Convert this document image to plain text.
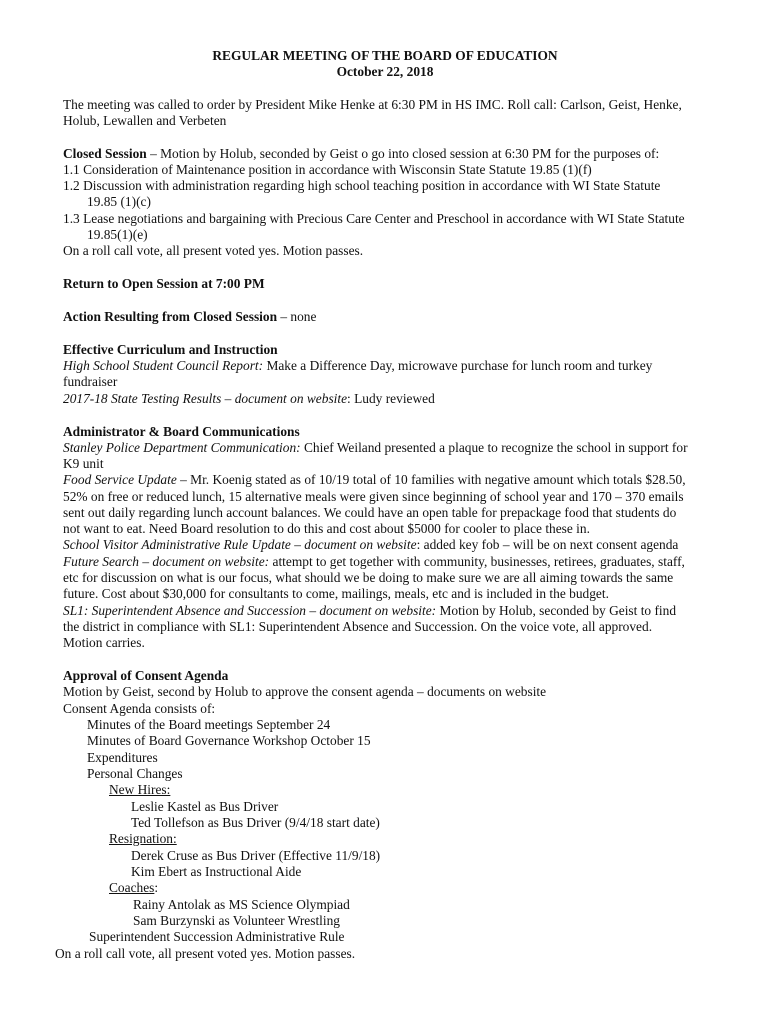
REGULAR MEETING OF THE BOARD OF EDUCATION
October 22, 2018
The meeting was called to order by President Mike Henke at 6:30 PM in HS IMC. Roll call: Carlson, Geist, Henke,
Holub, Lewallen and Verbeten
Closed Session – Motion by Holub, seconded by Geist o go into closed session at 6:30 PM for the purposes of:
1.1 Consideration of Maintenance position in accordance with Wisconsin State Statute 19.85 (1)(f)
1.2 Discussion with administration regarding high school teaching position in accordance with WI State Statute
19.85 (1)(c)
1.3 Lease negotiations and bargaining with Precious Care Center and Preschool in accordance with WI State Statute
19.85(1)(e)
On a roll call vote, all present voted yes. Motion passes.
Return to Open Session at 7:00 PM
Action Resulting from Closed Session – none
Effective Curriculum and Instruction
High School Student Council Report: Make a Difference Day, microwave purchase for lunch room and turkey
fundraiser
2017-18 State Testing Results – document on website: Ludy reviewed
Administrator & Board Communications
Stanley Police Department Communication: Chief Weiland presented a plaque to recognize the school in support for
K9 unit
Food Service Update – Mr. Koenig stated as of 10/19 total of 10 families with negative amount which totals $28.50,
52% on free or reduced lunch, 15 alternative meals were given since beginning of school year and 170 – 370 emails
sent out daily regarding lunch account balances. We could have an open table for prepackage food that students do
not want to eat. Need Board resolution to do this and cost about $5000 for cooler to place these in.
School Visitor Administrative Rule Update – document on website: added key fob – will be on next consent agenda
Future Search – document on website: attempt to get together with community, businesses, retirees, graduates, staff,
etc for discussion on what is our focus, what should we be doing to make sure we are all aiming towards the same
future. Cost about $30,000 for consultants to come, mailings, meals, etc and is included in the budget.
SL1: Superintendent Absence and Succession – document on website: Motion by Holub, seconded by Geist to find
the district in compliance with SL1: Superintendent Absence and Succession. On the voice vote, all approved.
Motion carries.
Approval of Consent Agenda
Motion by Geist, second by Holub to approve the consent agenda – documents on website
Consent Agenda consists of:
Minutes of the Board meetings September 24
Minutes of Board Governance Workshop October 15
Expenditures
Personal Changes
New Hires:
Leslie Kastel as Bus Driver
Ted Tollefson as Bus Driver (9/4/18 start date)
Resignation:
Derek Cruse as Bus Driver (Effective 11/9/18)
Kim Ebert as Instructional Aide
Coaches:
Rainy Antolak as MS Science Olympiad
Sam Burzynski as Volunteer Wrestling
Superintendent Succession Administrative Rule
On a roll call vote, all present voted yes. Motion passes.
